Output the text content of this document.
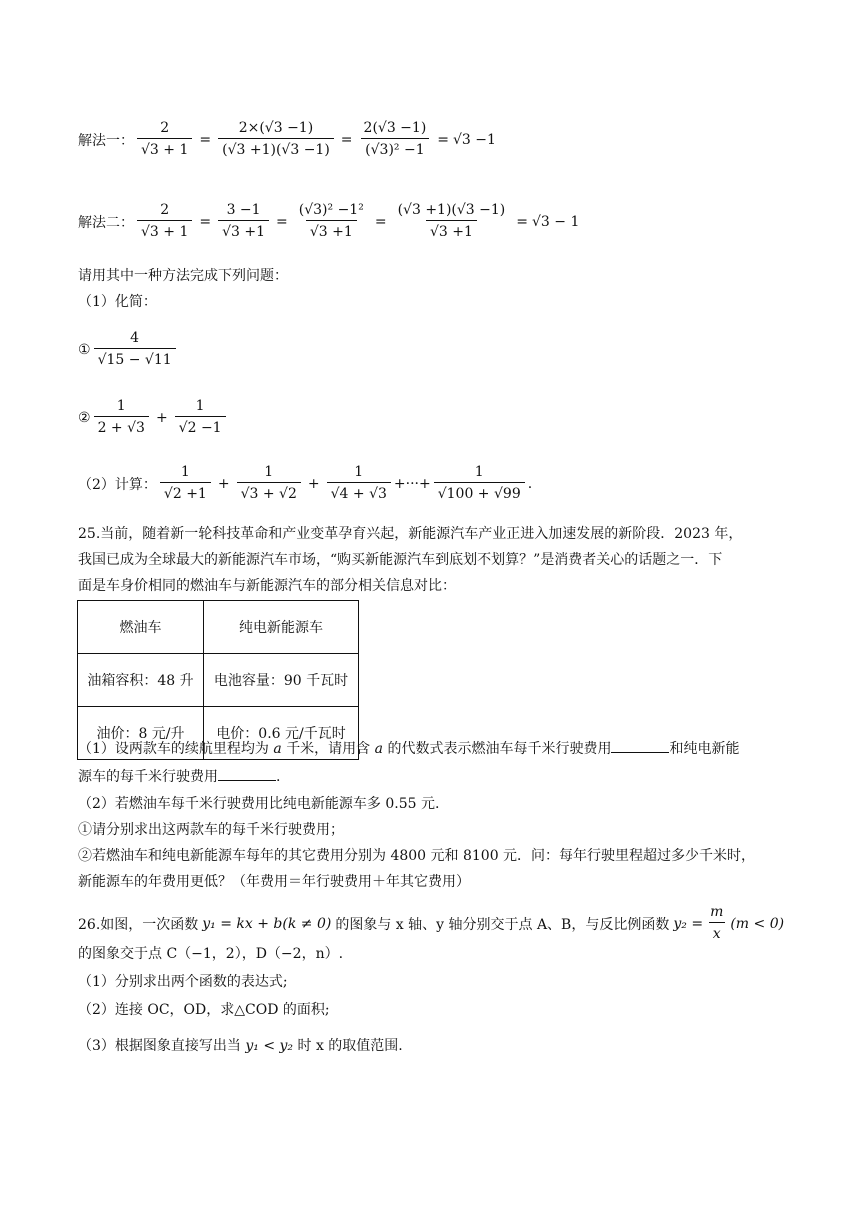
解法一： $\frac{2}{√3 + 1} = \frac{2\times(√3 -1)}{(√3 +1)(√3 -1)} = \frac{2(√3 -1)}{\text{(√3)² −1}} = √3 -1$
解法二： $\frac{2}{√3 + 1} = \frac{3 -1}{√3 +1} = \frac{\text{(√3)² −1²}}{√3 +1} = \frac{(√3 +1)(√3 -1)}{√3 +1} = √3 - 1$
请用其中一种方法完成下列问题：
（1）化简：
① $\frac{4}{√15 - √11}$
② $\frac{1}{2 + √3} + \frac{1}{√2 -1}$
（2）计算： $\frac{1}{√2 +1} + \frac{1}{√3 + √2} + \frac{1}{√4 + √3}$ +···+ $\frac{1}{√100 + √99}$ .
25.当前，随着新一轮科技革命和产业变革孕育兴起，新能源汽车产业正进入加速发展的新阶段．2023 年，
我国已成为全球最大的新能源汽车市场，“购买新能源汽车到底划不划算？”是消费者关心的话题之一．下
面是车身价相同的燃油车与新能源汽车的部分相关信息对比：
燃油车	纯电新能源车
油箱容积：48 升	电池容量：90 千瓦时
油价：8 元/升	电价：0.6 元/千瓦时
（1）设两款车的续航里程均为 a 千米，请用含 a 的代数式表示燃油车每千米行驶费用	和纯电新能
源车的每千米行驶费用	.
（2）若燃油车每千米行驶费用比纯电新能源车多 0.55 元.
①请分别求出这两款车的每千米行驶费用；
②若燃油车和纯电新能源车每年的其它费用分别为 4800 元和 8100 元．问：每年行驶里程超过多少千米时，
新能源车的年费用更低？（年费用＝年行驶费用＋年其它费用）
26.如图，一次函数 y₁ = kx + b(k ≠ 0) 的图象与 x 轴、y 轴分别交于点 A、B，与反比例函数 $y_2 = \frac{m}{x} (m < 0)$
的图象交于点 C（−1，2），D（−2，n）.
（1）分别求出两个函数的表达式;
（2）连接 OC，OD，求△COD 的面积;
（3）根据图象直接写出当 y₁ < y₂ 时 x 的取值范围.
